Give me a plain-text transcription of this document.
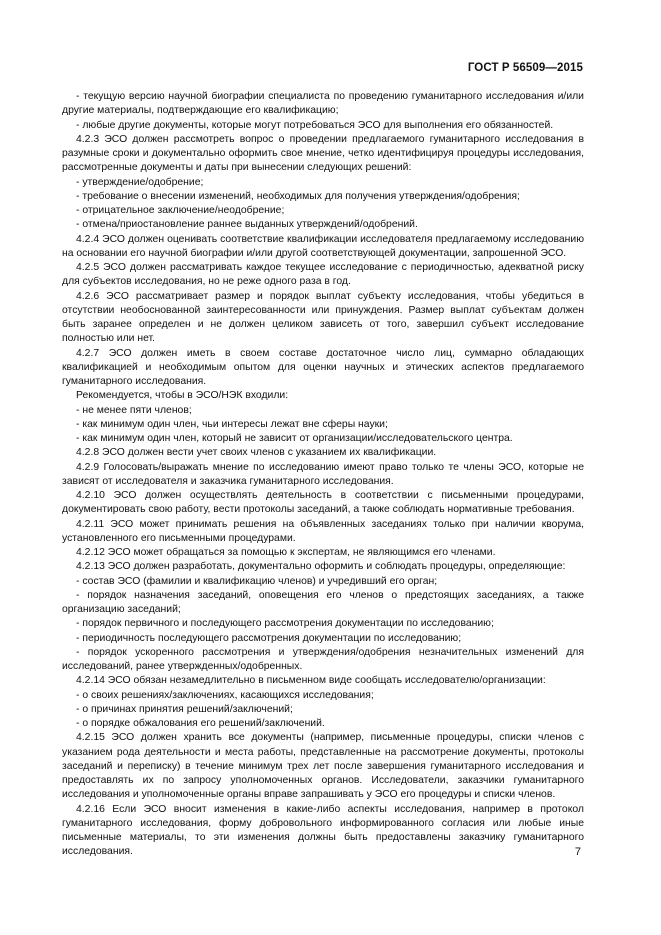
ГОСТ Р 56509—2015

- текущую версию научной биографии специалиста по проведению гуманитарного исследования и/или другие материалы, подтверждающие его квалификацию;

- любые другие документы, которые могут потребоваться ЭСО для выполнения его обязанностей.

4.2.3 ЭСО должен рассмотреть вопрос о проведении предлагаемого гуманитарного исследования в разумные сроки и документально оформить свое мнение, четко идентифицируя процедуры исследования, рассмотренные документы и даты при вынесении следующих решений:

- утверждение/одобрение;

- требование о внесении изменений, необходимых для получения утверждения/одобрения;

- отрицательное заключение/неодобрение;

- отмена/приостановление раннее выданных утверждений/одобрений.

4.2.4 ЭСО должен оценивать соответствие квалификации исследователя предлагаемому исследованию на основании его научной биографии и/или другой соответствующей документации, запрошенной ЭСО.

4.2.5 ЭСО должен рассматривать каждое текущее исследование с периодичностью, адекватной риску для субъектов исследования, но не реже одного раза в год.

4.2.6 ЭСО рассматривает размер и порядок выплат субъекту исследования, чтобы убедиться в отсутствии необоснованной заинтересованности или принуждения. Размер выплат субъектам должен быть заранее определен и не должен целиком зависеть от того, завершил субъект исследование полностью или нет.

4.2.7 ЭСО должен иметь в своем составе достаточное число лиц, суммарно обладающих квалификацией и необходимым опытом для оценки научных и этических аспектов предлагаемого гуманитарного исследования.

Рекомендуется, чтобы в ЭСО/НЭК входили:

- не менее пяти членов;

- как минимум один член, чьи интересы лежат вне сферы науки;

- как минимум один член, который не зависит от организации/исследовательского центра.

4.2.8 ЭСО должен вести учет своих членов с указанием их квалификации.

4.2.9 Голосовать/выражать мнение по исследованию имеют право только те члены ЭСО, которые не зависят от исследователя и заказчика гуманитарного исследования.

4.2.10 ЭСО должен осуществлять деятельность в соответствии с письменными процедурами, документировать свою работу, вести протоколы заседаний, а также соблюдать нормативные требования.

4.2.11 ЭСО может принимать решения на объявленных заседаниях только при наличии кворума, установленного его письменными процедурами.

4.2.12 ЭСО может обращаться за помощью к экспертам, не являющимся его членами.

4.2.13 ЭСО должен разработать, документально оформить и соблюдать процедуры, определяющие:

- состав ЭСО (фамилии и квалификацию членов) и учредивший его орган;

- порядок назначения заседаний, оповещения его членов о предстоящих заседаниях, а также организацию заседаний;

- порядок первичного и последующего рассмотрения документации по исследованию;

- периодичность последующего рассмотрения документации по исследованию;

- порядок ускоренного рассмотрения и утверждения/одобрения незначительных изменений для исследований, ранее утвержденных/одобренных.

4.2.14 ЭСО обязан незамедлительно в письменном виде сообщать исследователю/организации:

- о своих решениях/заключениях, касающихся исследования;

- о причинах принятия решений/заключений;

- о порядке обжалования его решений/заключений.

4.2.15 ЭСО должен хранить все документы (например, письменные процедуры, списки членов с указанием рода деятельности и места работы, представленные на рассмотрение документы, протоколы заседаний и переписку) в течение минимум трех лет после завершения гуманитарного исследования и предоставлять их по запросу уполномоченных органов. Исследователи, заказчики гуманитарного исследования и уполномоченные органы вправе запрашивать у ЭСО его процедуры и списки членов.

4.2.16 Если ЭСО вносит изменения в какие-либо аспекты исследования, например в протокол гуманитарного исследования, форму добровольного информированного согласия или любые иные письменные материалы, то эти изменения должны быть предоставлены заказчику гуманитарного исследования.	7
